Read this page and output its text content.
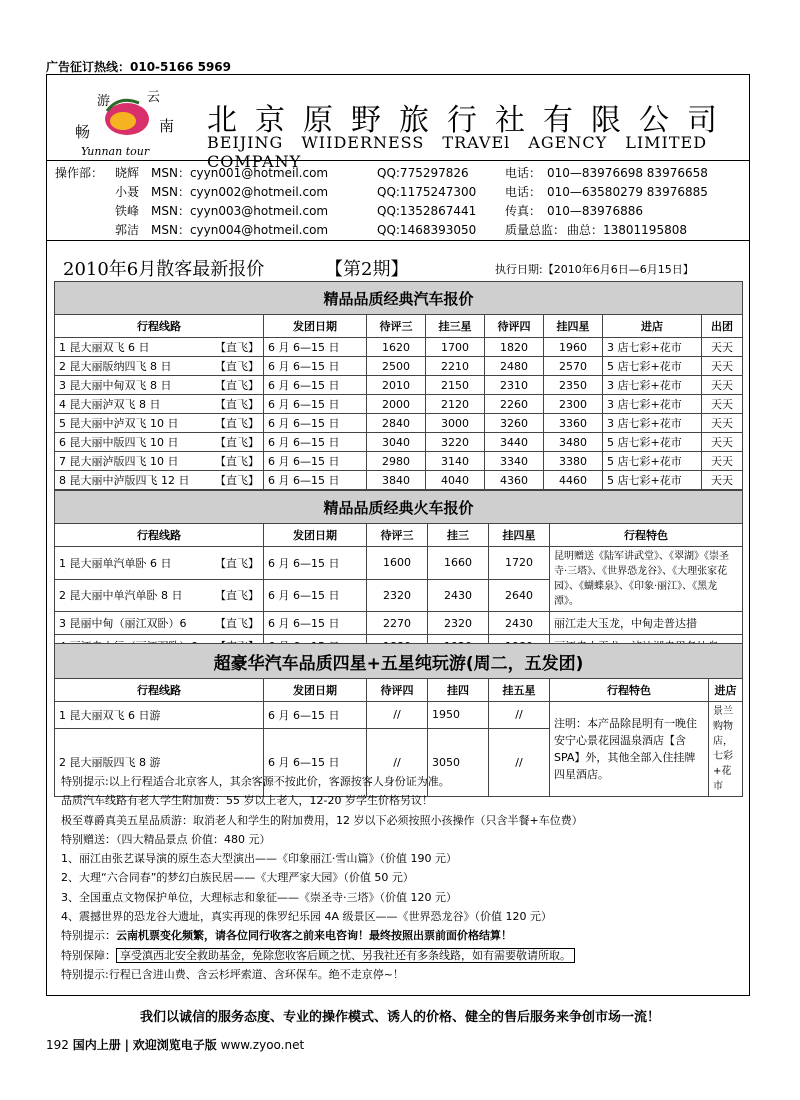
广告征订热线：010-5166 5969
畅
游	云
南
Yunnan tour
北京原野旅行社有限公司
BEIJING WIIDERNESS TRAVEl AGENCY LIMITED COMPANY
操作部： 晓辉 MSN：cyyn001@hotmeil.com	QQ:775297826	电话： 010—83976698 83976658
小聂 MSN：cyyn002@hotmeil.com	QQ:1175247300 电话： 010—63580279 83976885
铁峰 MSN：cyyn003@hotmeil.com	QQ:1352867441 传真： 010—83976886
郭洁 MSN：cyyn004@hotmeil.com	QQ:1468393050 质量总监： 曲总：13801195808
2010年6月散客最新报价	【第2期】	执行日期:【2010年6月6日—6月15日】
精品品质经典汽车报价							
行程线路	发团日期	待评三	挂三星	待评四	挂四星	进店	出团
1 昆大丽双飞 6 日 【直飞】	6 月 6—15 日	1620	1700	1820	1960	3 店七彩+花市	天天
2 昆大丽版纳四飞 8 日 【直飞】	6 月 6—15 日	2500	2210	2480	2570	5 店七彩+花市	天天
3 昆大丽中甸双飞 8 日 【直飞】	6 月 6—15 日	2010	2150	2310	2350	3 店七彩+花市	天天
4 昆大丽泸双飞 8 日 【直飞】	6 月 6—15 日	2000	2120	2260	2300	3 店七彩+花市	天天
5 昆大丽中泸双飞 10 日 【直飞】	6 月 6—15 日	2840	3000	3260	3360	3 店七彩+花市	天天
6 昆大丽中版四飞 10 日 【直飞】	6 月 6—15 日	3040	3220	3440	3480	5 店七彩+花市	天天
7 昆大丽泸版四飞 10 日 【直飞】	6 月 6—15 日	2980	3140	3340	3380	5 店七彩+花市	天天
8 昆大丽中泸版四飞 12 日 【直飞】	6 月 6—15 日	3840	4040	4360	4460	5 店七彩+花市	天天
精品品质经典火车报价					
行程线路	发团日期	待评三	挂三	挂四星	行程特色
1 昆大丽单汽单卧 6 日 【直飞】	6 月 6—15 日	1600	1660	1720	昆明赠送《陆军讲武堂》、《翠湖》《崇圣寺·三塔》、《世界恐龙谷》、《大理张家花园》、《蝴蝶泉》、《印象·丽江》、《黑龙潭》。
2 昆大丽中单汽单卧 8 日 【直飞】	6 月 6—15 日	2320	2430	2640	
3 昆丽中甸（丽江双卧）6 【直飞】	6 月 6—15 日	2270	2320	2430	丽江走大玉龙，中甸走普达措

超豪华汽车品质四星+五星纯玩游(周二，五发团)						
行程线路	发团日期	待评四	挂四	挂五星	行程特色	进店
1 昆大丽双飞 6 日游	6 月 6—15 日	//	1950	//	注明：本产品除昆明有一晚住安宁心景花园温泉酒店【含SPA】外，其他全部入住挂牌四星酒店。	景兰购物店，七彩+花市
2 昆大丽版四飞 8 游	6 月 6—15 日	//	3050	//		
特别提示:以上行程适合北京客人，其余客源不按此价，客源按客人身份证为准。
品质汽车线路有老人学生附加费：55 岁以上老人，12-20 岁学生价格另议！
极至尊爵真美五星品质游：取消老人和学生的附加费用，12 岁以下必须按照小孩操作（只含半餐+车位费）
特别赠送：（四大精品景点 价值：480 元）
1、丽江由张艺谋导演的原生态大型演出——《印象丽江·雪山篇》（价值 190 元）
2、大理“六合同春”的梦幻白族民居——《大理严家大园》（价值 50 元）
3、全国重点文物保护单位，大理标志和象征——《崇圣寺·三塔》（价值 120 元）
4、震撼世界的恐龙谷大遗址，真实再现的侏罗纪乐园 4A 级景区——《世界恐龙谷》（价值 120 元）
特别提示：云南机票变化频繁，请各位同行收客之前来电咨询！最终按照出票前面价格结算！
特别保障： 享受滇西北安全救助基金，免除您收客后顾之忧、另我社还有多条线路，如有需要敬请所取。
特别提示:行程已含进山费、含云杉坪索道、含环保车。绝不走京停~！
我们以诚信的服务态度、专业的操作模式、诱人的价格、健全的售后服务来争创市场一流！
192 国内上册 | 欢迎浏览电子版 www.zyoo.net
